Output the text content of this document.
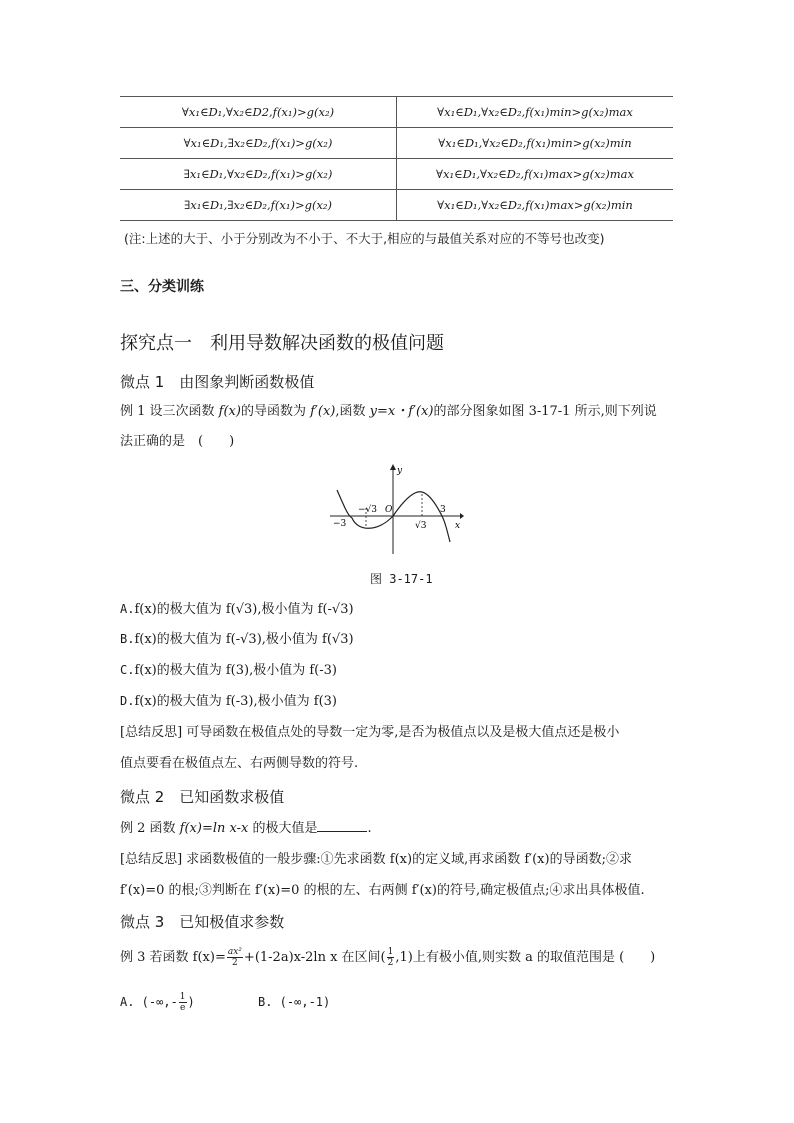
∀x₁∈D₁,∀x₂∈D2,f(x₁)>g(x₂)	∀x₁∈D₁,∀x₂∈D₂,f(x₁)min>g(x₂)max
∀x₁∈D₁,∃x₂∈D₂,f(x₁)>g(x₂)	∀x₁∈D₁,∀x₂∈D₂,f(x₁)min>g(x₂)min
∃x₁∈D₁,∀x₂∈D₂,f(x₁)>g(x₂)	∀x₁∈D₁,∀x₂∈D₂,f(x₁)max>g(x₂)max
∃x₁∈D₁,∃x₂∈D₂,f(x₁)>g(x₂)	∀x₁∈D₁,∀x₂∈D₂,f(x₁)max>g(x₂)min
(注:上述的大于、小于分别改为不小于、不大于,相应的与最值关系对应的不等号也改变)
三、分类训练
探究点一　利用导数解决函数的极值问题
微点 1　由图象判断函数极值
例 1 设三次函数 f(x)的导函数为 f′(x),函数 y=x・f′(x)的部分图象如图 3-17-1 所示,则下列说
法正确的是　(　　)
y
x
O
−3
−√3
√3
3
图 3-17-1
A.f(x)的极大值为 f(√3),极小值为 f(-√3)
B.f(x)的极大值为 f(-√3),极小值为 f(√3)
C.f(x)的极大值为 f(3),极小值为 f(-3)
D.f(x)的极大值为 f(-3),极小值为 f(3)
[总结反思] 可导函数在极值点处的导数一定为零,是否为极值点以及是极大值点还是极小
值点要看在极值点左、右两侧导数的符号.
微点 2　已知函数求极值
例 2 函数 f(x)=ln x-x 的极大值是	.
[总结反思] 求函数极值的一般步骤:①先求函数 f(x)的定义域,再求函数 f′(x)的导函数;②求
f′(x)=0 的根;③判断在 f′(x)=0 的根的左、右两侧 f′(x)的符号,确定极值点;④求出具体极值.
微点 3　已知极值求参数
例 3 若函数 $f(x)= \frac{\text{ax²}}{2} +(1-2a)x-2\ln$ x 在区间( $\frac{1}{2} ,1$)上有极小值,则实数 a 的取值范围是 (　　)
A. (-∞,- $\frac{1}{e}$ )	B. (-∞,-1)
